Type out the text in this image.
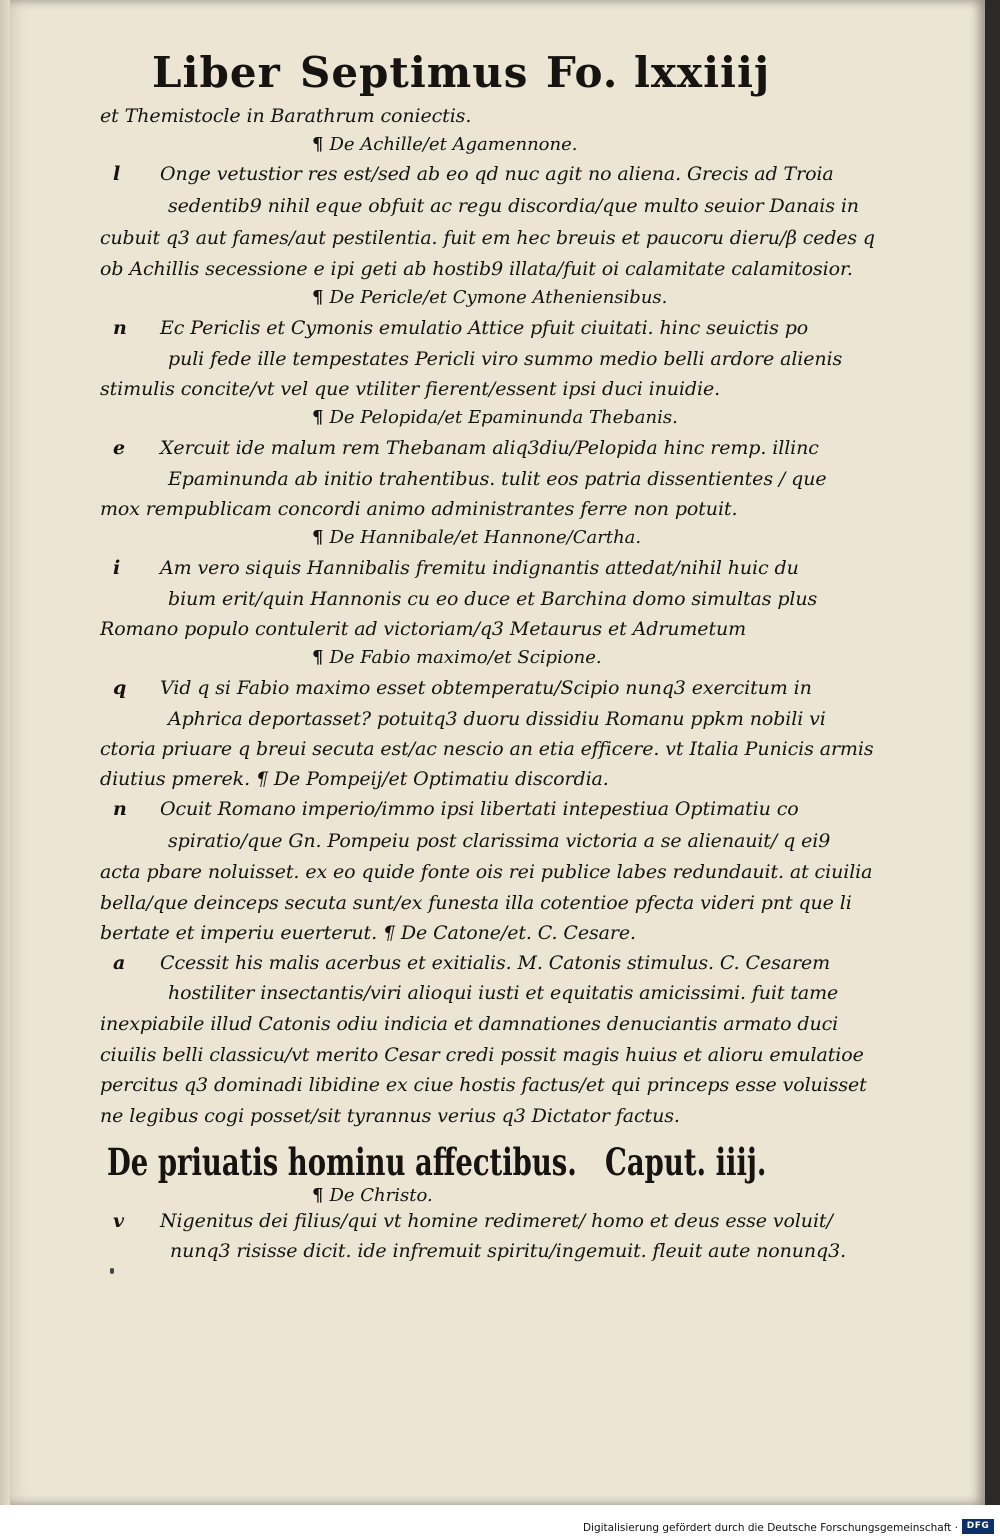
Liber Septimus Fo. lxxiiij
et Themistocle in Barathrum coniectis.
¶ De Achille/et Agamennone.
l Onge vetustior res est/sed ab eo qd nuc agit no aliena. Grecis ad Troia
sedentib9 nihil eque obfuit ac regu discordia/que multo seuior Danais in
cubuit q3 aut fames/aut pestilentia. fuit em hec breuis et paucoru dieru/β cedes q
ob Achillis secessione e ipi geti ab hostib9 illata/fuit oi calamitate calamitosior.
¶ De Pericle/et Cymone Atheniensibus.
n Ec Periclis et Cymonis emulatio Attice pfuit ciuitati. hinc seuictis po
puli fede ille tempestates Pericli viro summo medio belli ardore alienis
stimulis concite/vt vel que vtiliter fierent/essent ipsi duci inuidie.
¶ De Pelopida/et Epaminunda Thebanis.
e Xercuit ide malum rem Thebanam aliq3diu/Pelopida hinc remp. illinc
Epaminunda ab initio trahentibus. tulit eos patria dissentientes / que
mox rempublicam concordi animo administrantes ferre non potuit.
¶ De Hannibale/et Hannone/Cartha.
i Am vero siquis Hannibalis fremitu indignantis attedat/nihil huic du
bium erit/quin Hannonis cu eo duce et Barchina domo simultas plus
Romano populo contulerit ad victoriam/q3 Metaurus et Adrumetum
¶ De Fabio maximo/et Scipione.
q Vid q si Fabio maximo esset obtemperatu/Scipio nunq3 exercitum in
Aphrica deportasset? potuitq3 duoru dissidiu Romanu ppkm nobili vi
ctoria priuare q breui secuta est/ac nescio an etia efficere. vt Italia Punicis armis
diutius pmerek. ¶ De Pompeij/et Optimatiu discordia.
n Ocuit Romano imperio/immo ipsi libertati intepestiua Optimatiu co
spiratio/que Gn. Pompeiu post clarissima victoria a se alienauit/ q ei9
acta pbare noluisset. ex eo quide fonte ois rei publice labes redundauit. at ciuilia
bella/que deinceps secuta sunt/ex funesta illa cotentioe pfecta videri pnt que li
bertate et imperiu euerterut. ¶ De Catone/et. C. Cesare.
a Ccessit his malis acerbus et exitialis. M. Catonis stimulus. C. Cesarem
hostiliter insectantis/viri alioqui iusti et equitatis amicissimi. fuit tame
inexpiabile illud Catonis odiu indicia et damnationes denuciantis armato duci
ciuilis belli classicu/vt merito Cesar credi possit magis huius et alioru emulatioe
percitus q3 dominadi libidine ex ciue hostis factus/et qui princeps esse voluisset
ne legibus cogi posset/sit tyrannus verius q3 Dictator factus.
De priuatis hominu affectibus. Caput. iiij.
¶ De Christo.
v Nigenitus dei filius/qui vt homine redimeret/ homo et deus esse voluit/
nunq3 risisse dicit. ide infremuit spiritu/ingemuit. fleuit aute nonunq3.
Digitalisierung gefördert durch die Deutsche Forschungsgemeinschaft · DFG
